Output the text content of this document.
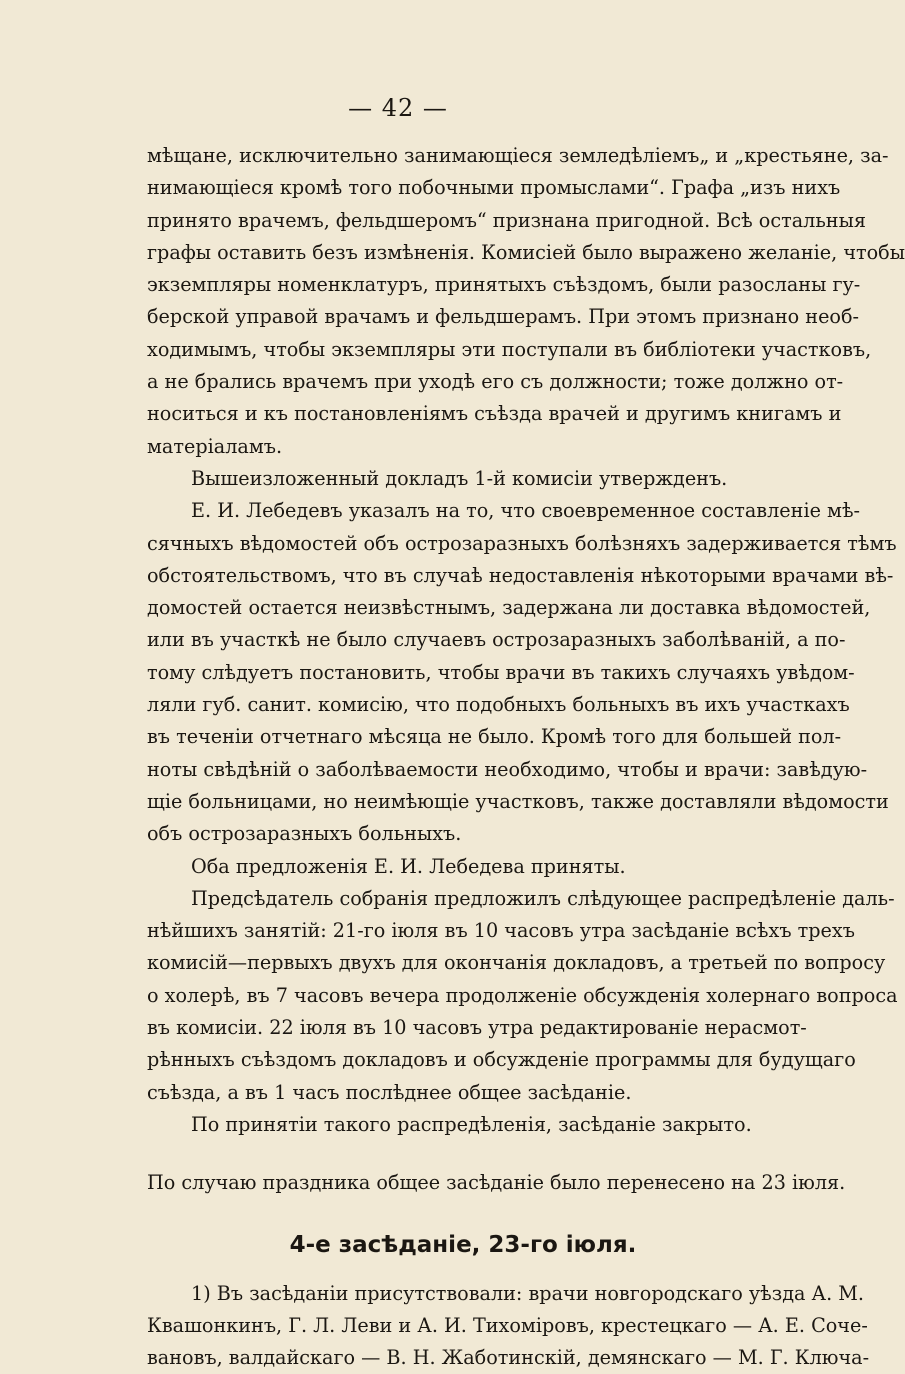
— 42 —
мѣщане, исключительно занимающіеся земледѣліемъ„ и „крестьяне, за-
нимающіеся кромѣ того побочными промыслами“. Графа „изъ нихъ
принято врачемъ, фельдшеромъ“ признана пригодной. Всѣ остальныя
графы оставить безъ измѣненія. Комисіей было выражено желаніе, чтобы
экземпляры номенклатуръ, принятыхъ съѣздомъ, были разосланы гу-
берской управой врачамъ и фельдшерамъ. При этомъ признано необ-
ходимымъ, чтобы экземпляры эти поступали въ библіотеки участковъ,
а не брались врачемъ при уходѣ его съ должности; тоже должно от-
носиться и къ постановленіямъ съѣзда врачей и другимъ книгамъ и
матеріаламъ.
Вышеизложенный докладъ 1-й комисіи утвержденъ.
Е. И. Лебедевъ указалъ на то, что своевременное составленіе мѣ-
сячныхъ вѣдомостей объ острозаразныхъ болѣзняхъ задерживается тѣмъ
обстоятельствомъ, что въ случаѣ недоставленія нѣкоторыми врачами вѣ-
домостей остается неизвѣстнымъ, задержана ли доставка вѣдомостей,
или въ участкѣ не было случаевъ острозаразныхъ заболѣваній, а по-
тому слѣдуетъ постановить, чтобы врачи въ такихъ случаяхъ увѣдом-
ляли губ. санит. комисію, что подобныхъ больныхъ въ ихъ участкахъ
въ теченіи отчетнаго мѣсяца не было. Кромѣ того для большей пол-
ноты свѣдѣній о заболѣваемости необходимо, чтобы и врачи: завѣдую-
щіе больницами, но неимѣющіе участковъ, также доставляли вѣдомости
объ острозаразныхъ больныхъ.
Оба предложенія Е. И. Лебедева приняты.
Предсѣдатель собранія предложилъ слѣдующее распредѣленіе даль-
нѣйшихъ занятій: 21-го іюля въ 10 часовъ утра засѣданіе всѣхъ трехъ
комисій—первыхъ двухъ для окончанія докладовъ, а третьей по вопросу
о холерѣ, въ 7 часовъ вечера продолженіе обсужденія холернаго вопроса
въ комисіи. 22 іюля въ 10 часовъ утра редактированіе нерасмот-
рѣнныхъ съѣздомъ докладовъ и обсужденіе программы для будущаго
съѣзда, а въ 1 часъ послѣднее общее засѣданіе.
По принятіи такого распредѣленія, засѣданіе закрыто.
По случаю праздника общее засѣданіе было перенесено на 23 іюля.
4-е засѣданіе, 23-го іюля.
1) Въ засѣданіи присутствовали: врачи новгородскаго уѣзда А. М.
Квашонкинъ, Г. Л. Леви и А. И. Тихоміровъ, крестецкаго — А. Е. Соче-
вановъ, валдайскаго — В. Н. Жаботинскій, демянскаго — М. Г. Ключа-
